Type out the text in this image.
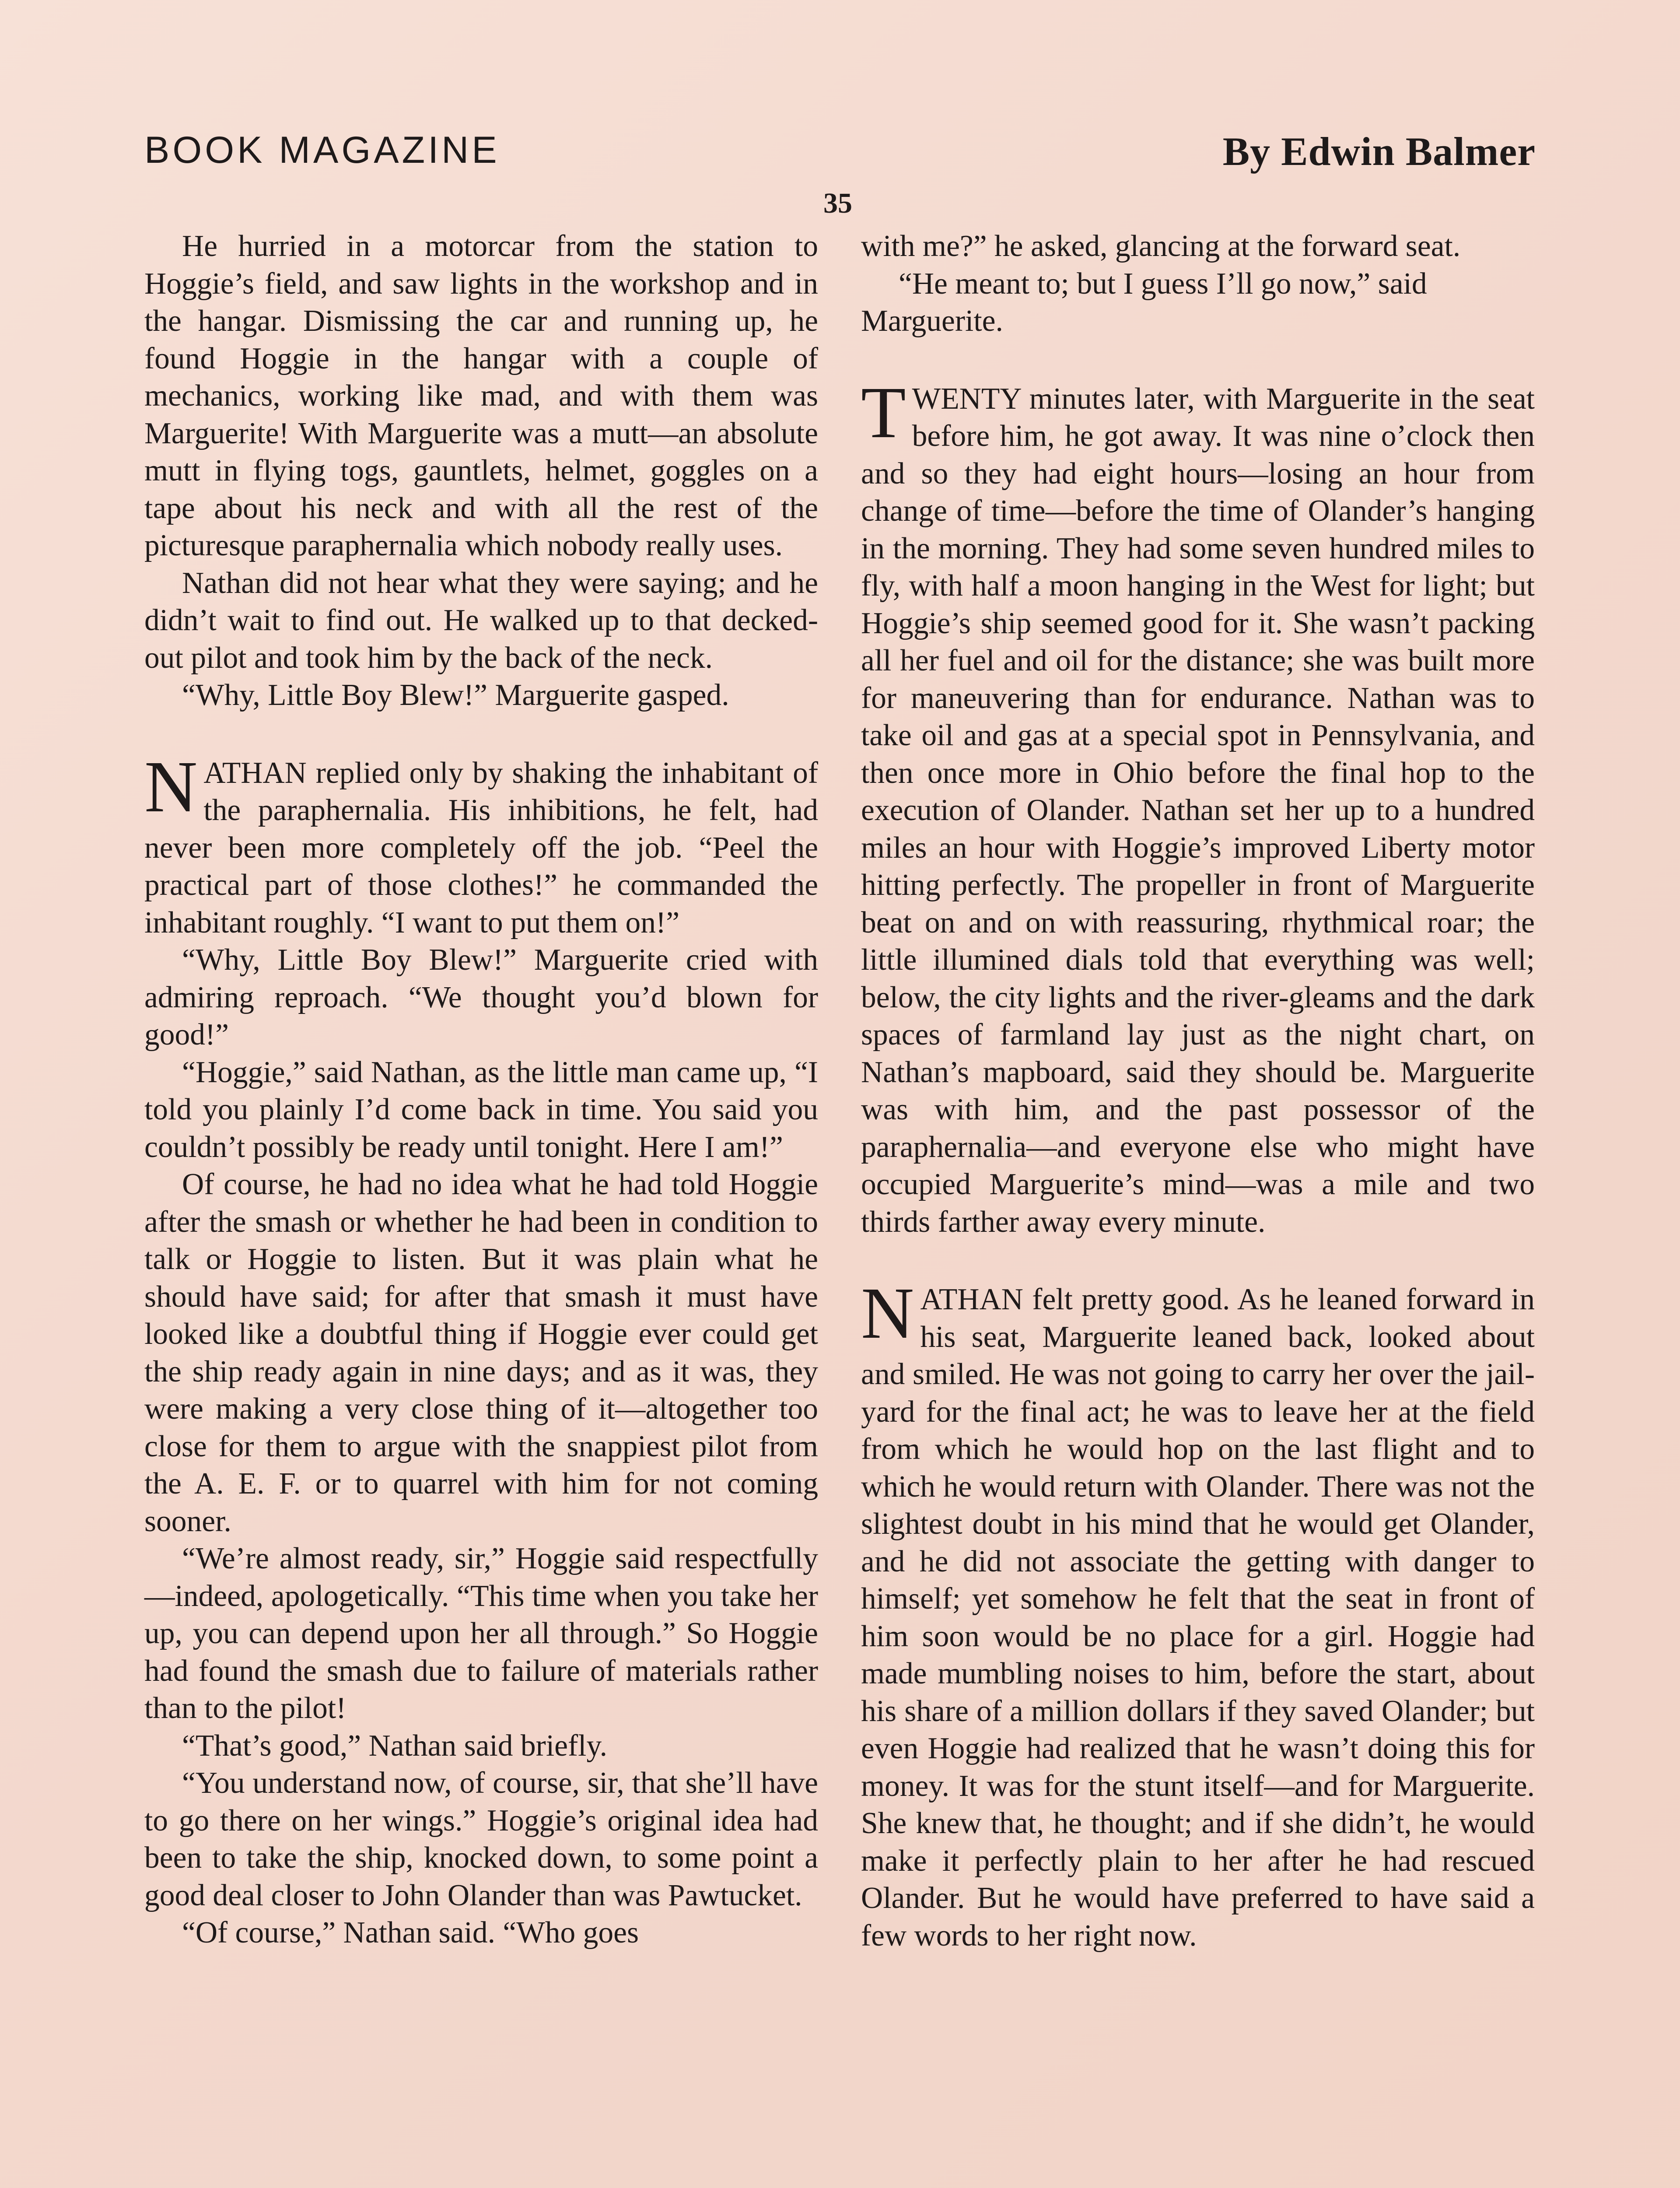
BOOK MAGAZINE	By Edwin Balmer
35

He hurried in a motorcar from the station to Hoggie’s field, and saw lights in the workshop and in the hangar. Dismissing the car and running up, he found Hoggie in the hangar with a couple of mechanics, working like mad, and with them was Marguerite! With Marguerite was a mutt—an absolute mutt in flying togs, gauntlets, helmet, goggles on a tape about his neck and with all the rest of the picturesque paraphernalia which nobody really uses.

Nathan did not hear what they were saying; and he didn’t wait to find out. He walked up to that decked-out pilot and took him by the back of the neck.

“Why, Little Boy Blew!” Marguerite gasped.

NATHAN replied only by shaking the inhabitant of the paraphernalia. His inhibitions, he felt, had never been more completely off the job. “Peel the practical part of those clothes!” he commanded the inhabitant roughly. “I want to put them on!”

“Why, Little Boy Blew!” Marguerite cried with admiring reproach. “We thought you’d blown for good!”

“Hoggie,” said Nathan, as the little man came up, “I told you plainly I’d come back in time. You said you couldn’t possibly be ready until tonight. Here I am!”

Of course, he had no idea what he had told Hoggie after the smash or whether he had been in condition to talk or Hoggie to listen. But it was plain what he should have said; for after that smash it must have looked like a doubtful thing if Hoggie ever could get the ship ready again in nine days; and as it was, they were making a very close thing of it—altogether too close for them to argue with the snappiest pilot from the A. E. F. or to quarrel with him for not coming sooner.

“We’re almost ready, sir,” Hoggie said respectfully—indeed, apologetically. “This time when you take her up, you can depend upon her all through.” So Hoggie had found the smash due to failure of materials rather than to the pilot!

“That’s good,” Nathan said briefly.

“You understand now, of course, sir, that she’ll have to go there on her wings.” Hoggie’s original idea had been to take the ship, knocked down, to some point a good deal closer to John Olander than was Pawtucket.

“Of course,” Nathan said. “Who goes

with me?” he asked, glancing at the forward seat.

“He meant to; but I guess I’ll go now,” said Marguerite.

TWENTY minutes later, with Marguerite in the seat before him, he got away. It was nine o’clock then and so they had eight hours—losing an hour from change of time—before the time of Olander’s hanging in the morning. They had some seven hundred miles to fly, with half a moon hanging in the West for light; but Hoggie’s ship seemed good for it. She wasn’t packing all her fuel and oil for the distance; she was built more for maneuvering than for endurance. Nathan was to take oil and gas at a special spot in Pennsylvania, and then once more in Ohio before the final hop to the execution of Olander. Nathan set her up to a hundred miles an hour with Hoggie’s improved Liberty motor hitting perfectly. The propeller in front of Marguerite beat on and on with reassuring, rhythmical roar; the little illumined dials told that everything was well; below, the city lights and the river-gleams and the dark spaces of farmland lay just as the night chart, on Nathan’s mapboard, said they should be. Marguerite was with him, and the past possessor of the paraphernalia—and everyone else who might have occupied Marguerite’s mind—was a mile and two thirds farther away every minute.

NATHAN felt pretty good. As he leaned forward in his seat, Marguerite leaned back, looked about and smiled. He was not going to carry her over the jail-yard for the final act; he was to leave her at the field from which he would hop on the last flight and to which he would return with Olander. There was not the slightest doubt in his mind that he would get Olander, and he did not associate the getting with danger to himself; yet somehow he felt that the seat in front of him soon would be no place for a girl. Hoggie had made mumbling noises to him, before the start, about his share of a million dollars if they saved Olander; but even Hoggie had realized that he wasn’t doing this for money. It was for the stunt itself—and for Marguerite. She knew that, he thought; and if she didn’t, he would make it perfectly plain to her after he had rescued Olander. But he would have preferred to have said a few words to her right now.
